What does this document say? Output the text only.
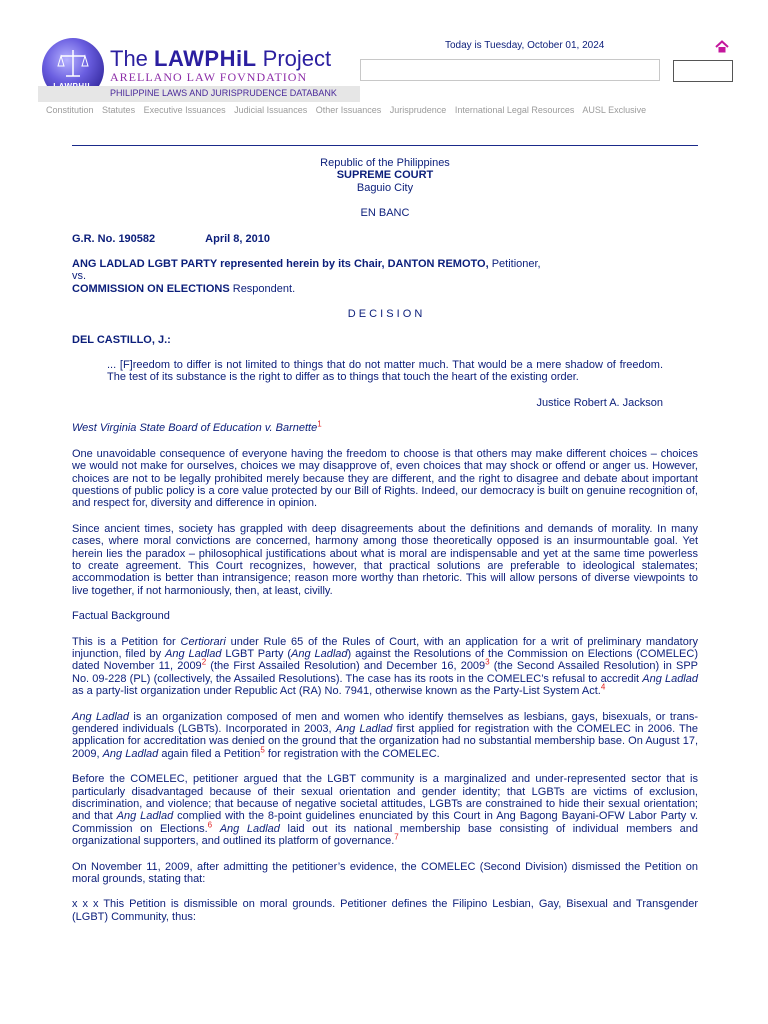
The LAWPHiL Project
ARELLANO LAW FOVNDATION
PHILIPPINE LAWS AND JURISPRUDENCE DATABANK
Today is Tuesday, October 01, 2024
Constitution Statutes Executive Issuances Judicial Issuances Other Issuances Jurisprudence International Legal Resources AUSL Exclusive

Republic of the Philippines

SUPREME COURT

Baguio City

EN BANC

G.R. No. 190582	April 8, 2010

ANG LADLAD LGBT PARTY represented herein by its Chair, DANTON REMOTO, Petitioner,

vs.

COMMISSION ON ELECTIONS Respondent.

D E C I S I O N

DEL CASTILLO, J.:

... [F]reedom to differ is not limited to things that do not matter much. That would be a mere shadow of freedom. The test of its substance is the right to differ as to things that touch the heart of the existing order.

Justice Robert A. Jackson

West Virginia State Board of Education v. Barnette$^1$

One unavoidable consequence of everyone having the freedom to choose is that others may make different choices – choices we would not make for ourselves, choices we may disapprove of, even choices that may shock or offend or anger us. However, choices are not to be legally prohibited merely because they are different, and the right to disagree and debate about important questions of public policy is a core value protected by our Bill of Rights. Indeed, our democracy is built on genuine recognition of, and respect for, diversity and difference in opinion.

Since ancient times, society has grappled with deep disagreements about the definitions and demands of morality. In many cases, where moral convictions are concerned, harmony among those theoretically opposed is an insurmountable goal. Yet herein lies the paradox – philosophical justifications about what is moral are indispensable and yet at the same time powerless to create agreement. This Court recognizes, however, that practical solutions are preferable to ideological stalemates; accommodation is better than intransigence; reason more worthy than rhetoric. This will allow persons of diverse viewpoints to live together, if not harmoniously, then, at least, civilly.

Factual Background

This is a Petition for Certiorari under Rule 65 of the Rules of Court, with an application for a writ of preliminary mandatory injunction, filed by Ang Ladlad LGBT Party (Ang Ladlad) against the Resolutions of the Commission on Elections (COMELEC) dated November 11, 2009$^2$ (the First Assailed Resolution) and December 16, 2009$^3$ (the Second Assailed Resolution) in SPP No. 09-228 (PL) (collectively, the Assailed Resolutions). The case has its roots in the COMELEC’s refusal to accredit Ang Ladlad as a party-list organization under Republic Act (RA) No. 7941, otherwise known as the Party-List System Act.$^4$

Ang Ladlad is an organization composed of men and women who identify themselves as lesbians, gays, bisexuals, or trans-gendered individuals (LGBTs). Incorporated in 2003, Ang Ladlad first applied for registration with the COMELEC in 2006. The application for accreditation was denied on the ground that the organization had no substantial membership base. On August 17, 2009, Ang Ladlad again filed a Petition$^5$ for registration with the COMELEC.

Before the COMELEC, petitioner argued that the LGBT community is a marginalized and under-represented sector that is particularly disadvantaged because of their sexual orientation and gender identity; that LGBTs are victims of exclusion, discrimination, and violence; that because of negative societal attitudes, LGBTs are constrained to hide their sexual orientation; and that Ang Ladlad complied with the 8-point guidelines enunciated by this Court in Ang Bagong Bayani-OFW Labor Party v. Commission on Elections.$^6$ Ang Ladlad laid out its national membership base consisting of individual members and organizational supporters, and outlined its platform of governance.$^7$

On November 11, 2009, after admitting the petitioner’s evidence, the COMELEC (Second Division) dismissed the Petition on moral grounds, stating that:

x x x This Petition is dismissible on moral grounds. Petitioner defines the Filipino Lesbian, Gay, Bisexual and Transgender (LGBT) Community, thus:
